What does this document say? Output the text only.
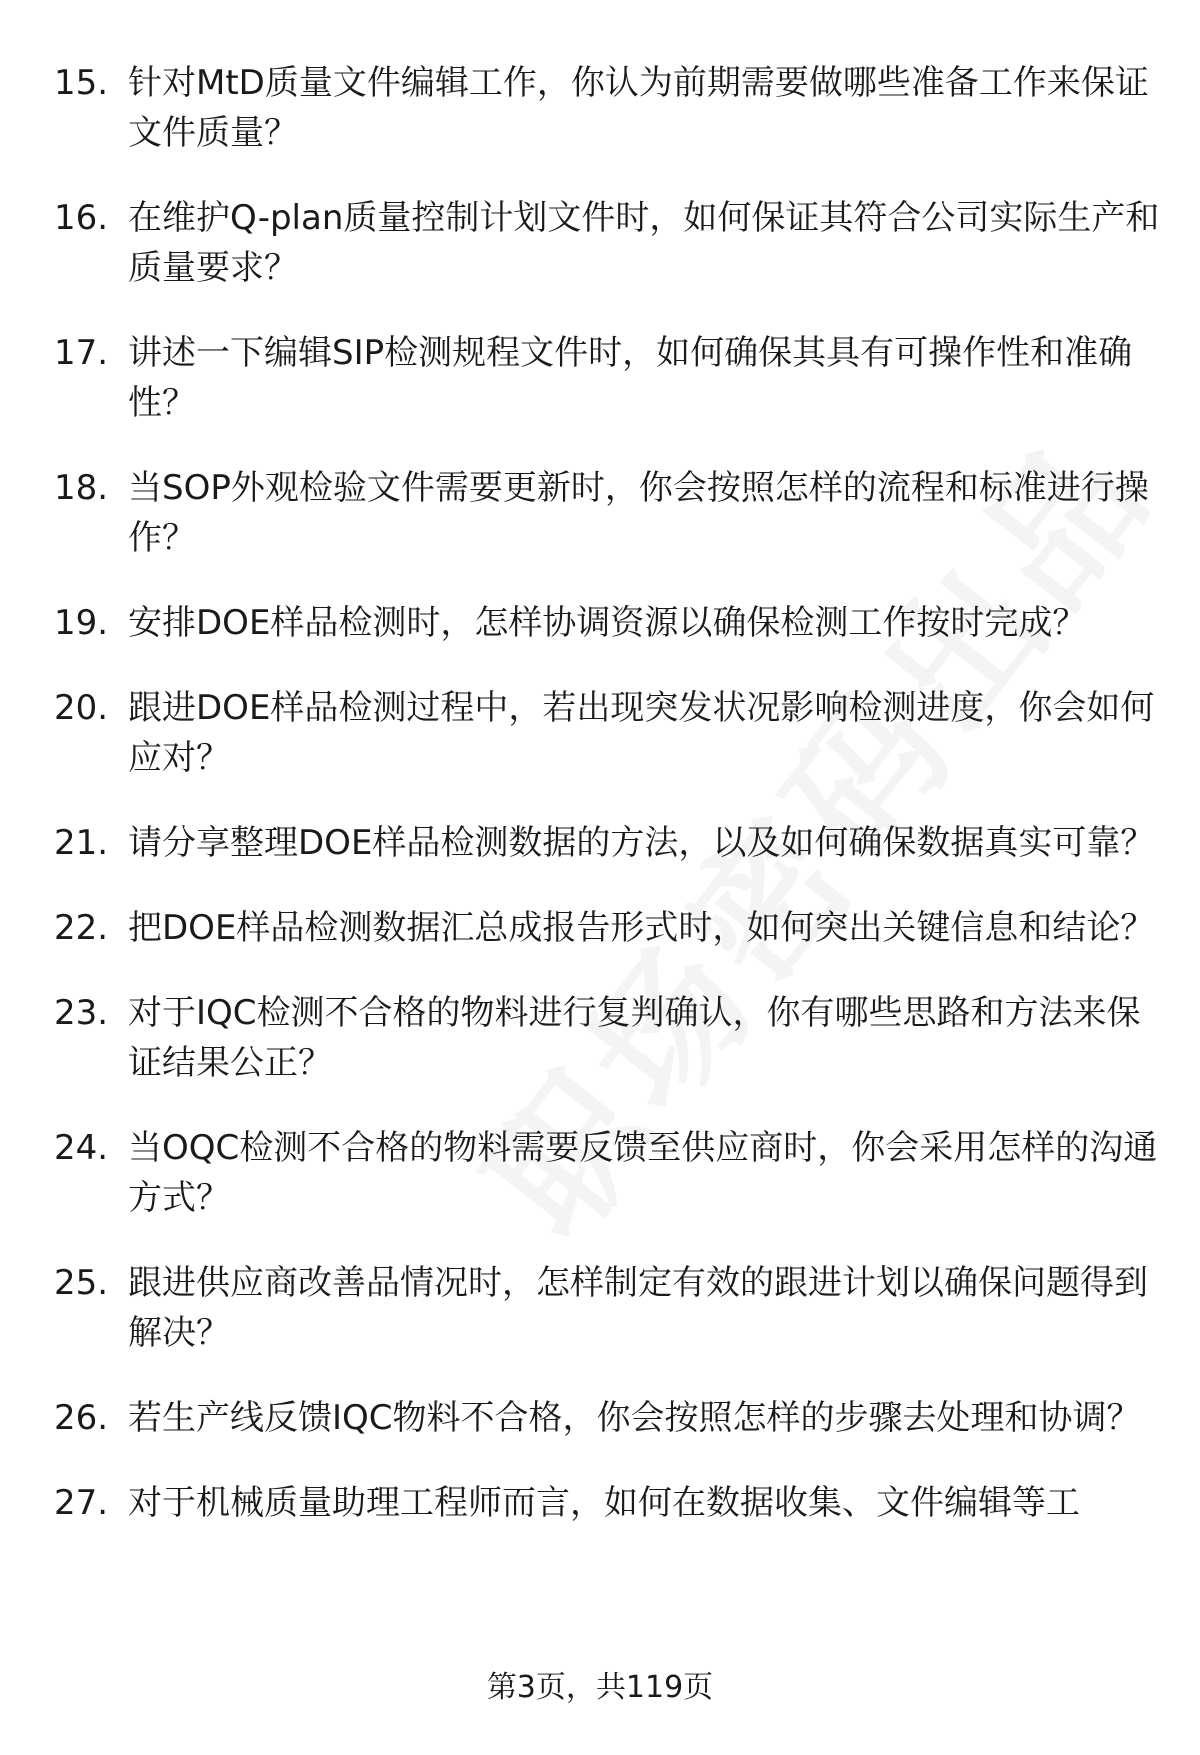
15. 针对MtD质量文件编辑工作，你认为前期需要做哪些准备工作来保证文件质量？
16. 在维护Q-plan质量控制计划文件时，如何保证其符合公司实际生产和质量要求？
17. 讲述一下编辑SIP检测规程文件时，如何确保其具有可操作性和准确性？
18. 当SOP外观检验文件需要更新时，你会按照怎样的流程和标准进行操作？
19. 安排DOE样品检测时，怎样协调资源以确保检测工作按时完成？
20. 跟进DOE样品检测过程中，若出现突发状况影响检测进度，你会如何应对？
21. 请分享整理DOE样品检测数据的方法，以及如何确保数据真实可靠？
22. 把DOE样品检测数据汇总成报告形式时，如何突出关键信息和结论？
23. 对于IQC检测不合格的物料进行复判确认，你有哪些思路和方法来保证结果公正？
24. 当OQC检测不合格的物料需要反馈至供应商时，你会采用怎样的沟通方式？
25. 跟进供应商改善品情况时，怎样制定有效的跟进计划以确保问题得到解决？
26. 若生产线反馈IQC物料不合格，你会按照怎样的步骤去处理和协调？
27. 对于机械质量助理工程师而言，如何在数据收集、文件编辑等工
第3页，共119页
